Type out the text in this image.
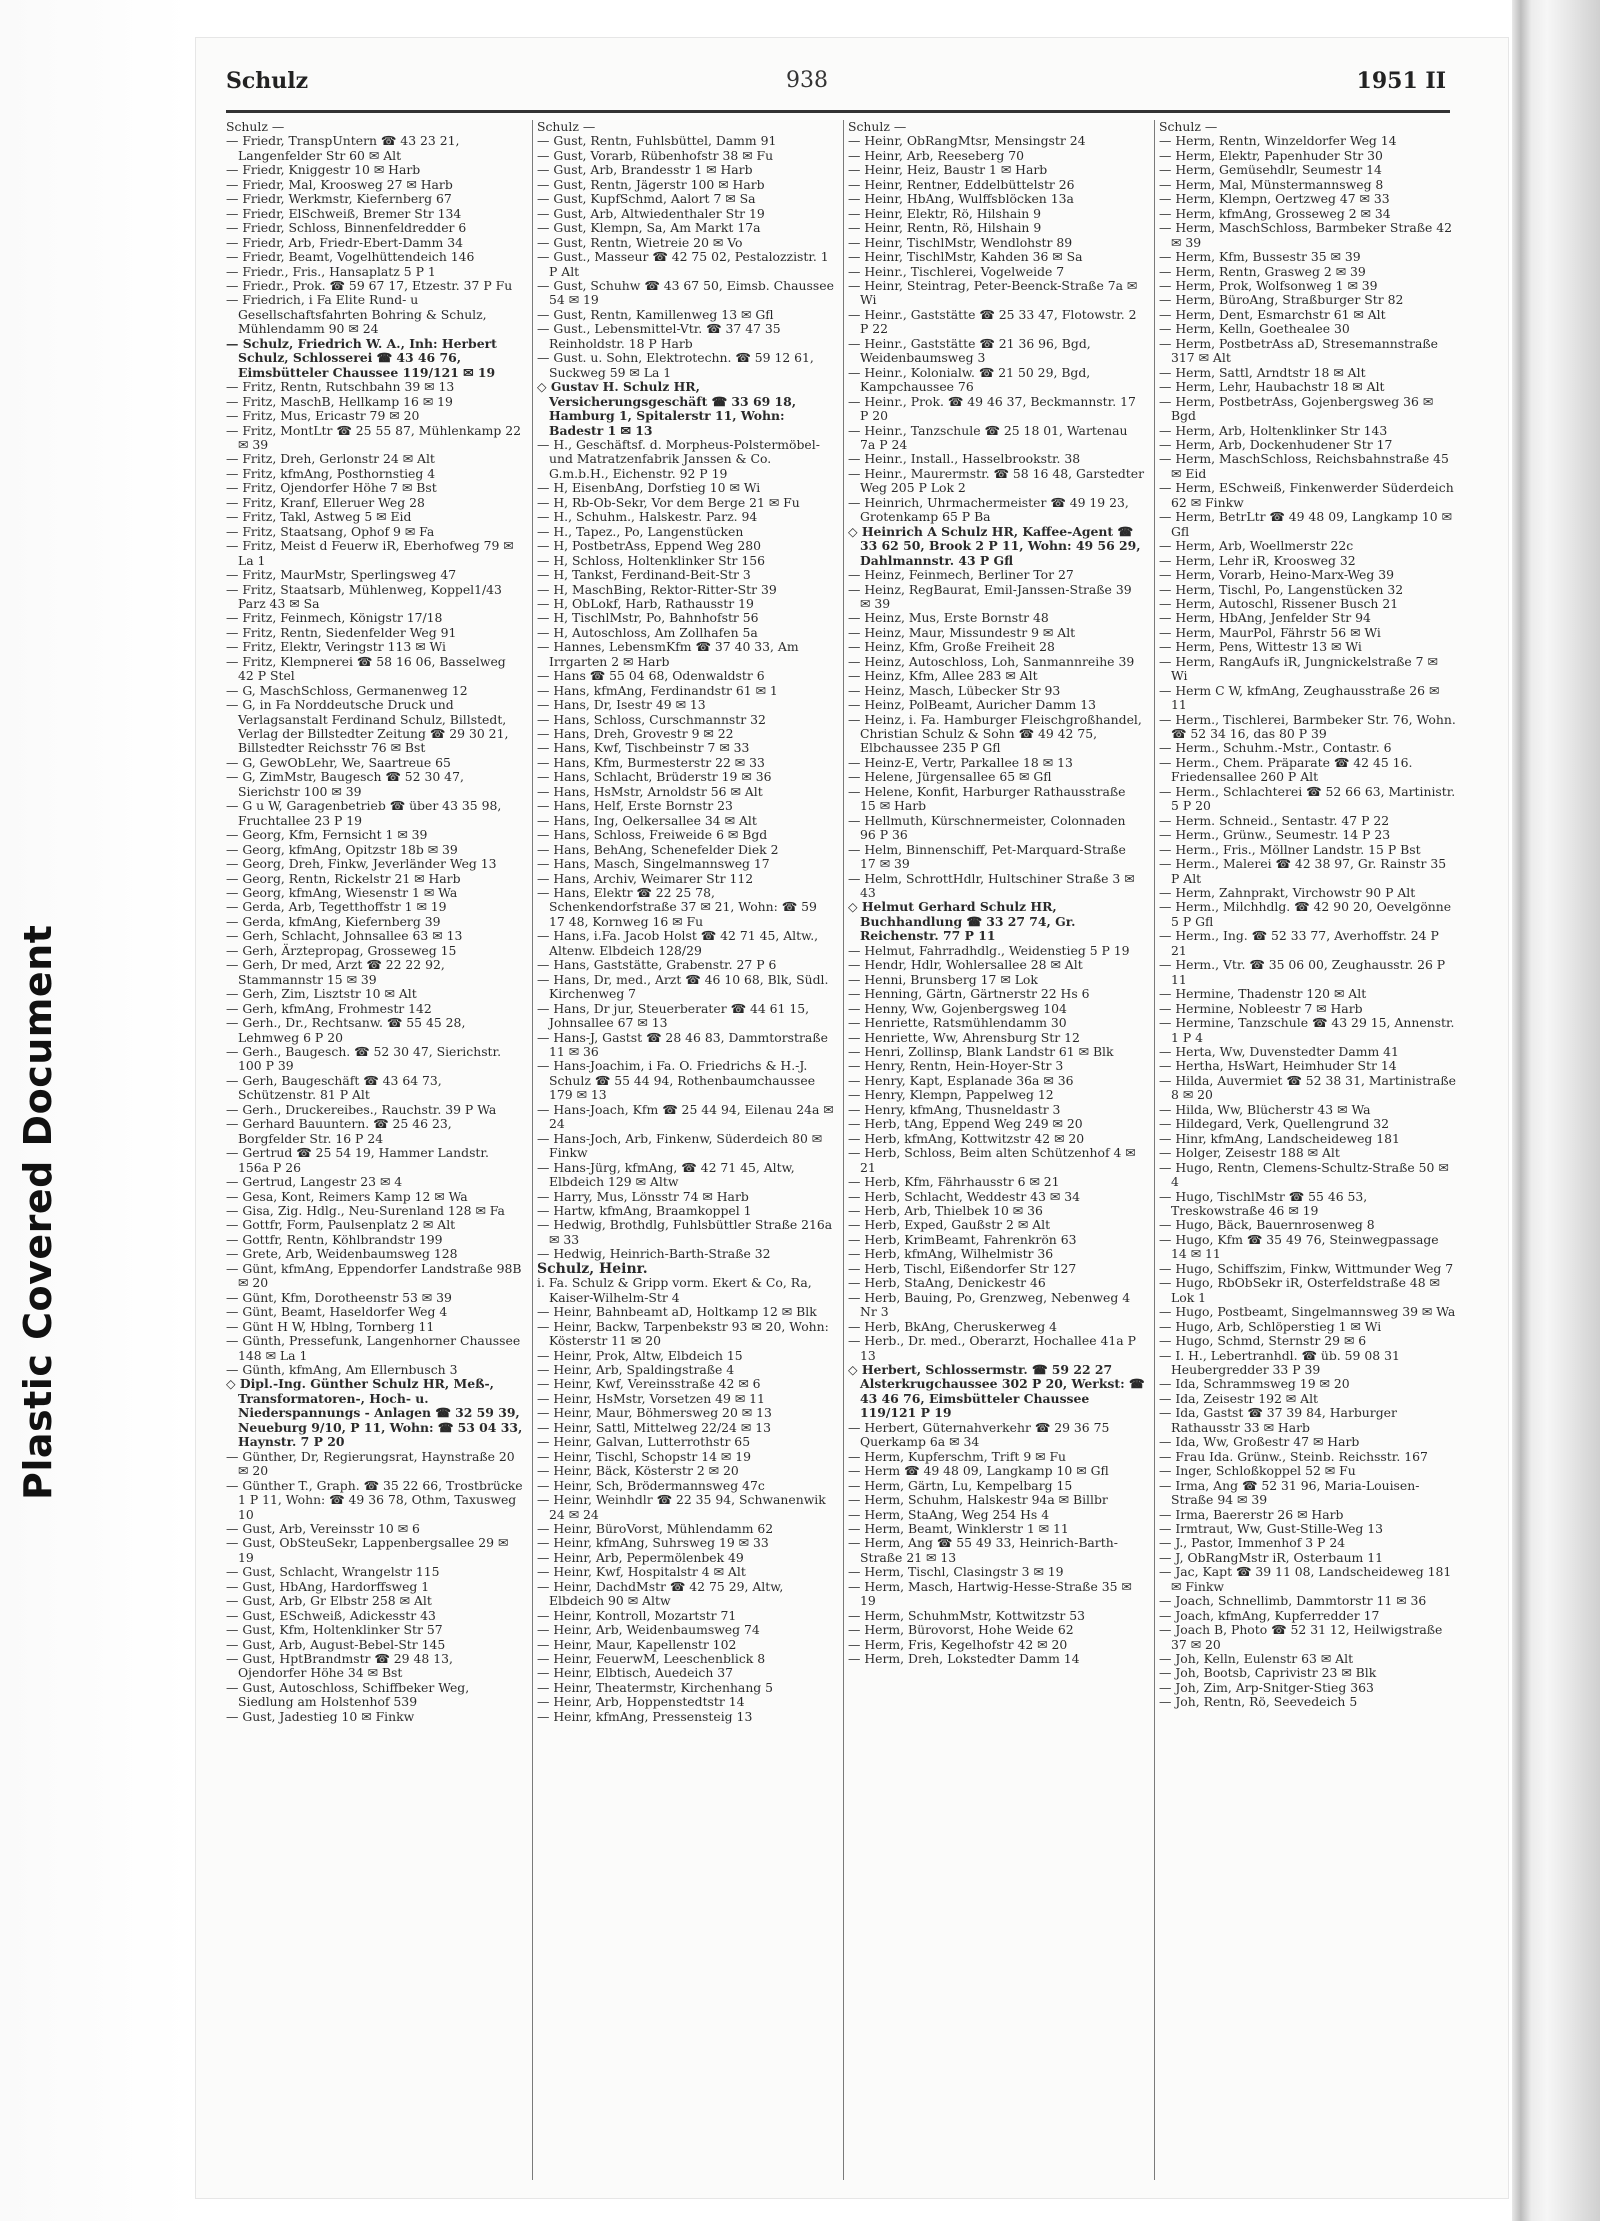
Plastic Covered Document
Schulz	938	1951 II

Schulz —

— Friedr, TranspUntern ☎ 43 23 21, Langenfelder Str 60 ✉ Alt

— Friedr, Kniggestr 10 ✉ Harb

— Friedr, Mal, Kroosweg 27 ✉ Harb

— Friedr, Werkmstr, Kiefernberg 67

— Friedr, ElSchweiß, Bremer Str 134

— Friedr, Schloss, Binnenfeldredder 6

— Friedr, Arb, Friedr-Ebert-Damm 34

— Friedr, Beamt, Vogelhüttendeich 146

— Friedr., Fris., Hansaplatz 5 P 1

— Friedr., Prok. ☎ 59 67 17, Etzestr. 37 P Fu

— Friedrich, i Fa Elite Rund- u Gesellschaftsfahrten Bohring & Schulz, Mühlendamm 90 ✉ 24

— Schulz, Friedrich W. A., Inh: Herbert Schulz, Schlosserei ☎ 43 46 76, Eimsbütteler Chaussee 119/121 ✉ 19

— Fritz, Rentn, Rutschbahn 39 ✉ 13

— Fritz, MaschB, Hellkamp 16 ✉ 19

— Fritz, Mus, Ericastr 79 ✉ 20

— Fritz, MontLtr ☎ 25 55 87, Mühlenkamp 22 ✉ 39

— Fritz, Dreh, Gerlonstr 24 ✉ Alt

— Fritz, kfmAng, Posthornstieg 4

— Fritz, Ojendorfer Höhe 7 ✉ Bst

— Fritz, Kranf, Elleruer Weg 28

— Fritz, Takl, Astweg 5 ✉ Eid

— Fritz, Staatsang, Ophof 9 ✉ Fa

— Fritz, Meist d Feuerw iR, Eberhofweg 79 ✉ La 1

— Fritz, MaurMstr, Sperlingsweg 47

— Fritz, Staatsarb, Mühlenweg, Koppel1/43 Parz 43 ✉ Sa

— Fritz, Feinmech, Königstr 17/18

— Fritz, Rentn, Siedenfelder Weg 91

— Fritz, Elektr, Veringstr 113 ✉ Wi

— Fritz, Klempnerei ☎ 58 16 06, Basselweg 42 P Stel

— G, MaschSchloss, Germanenweg 12

— G, in Fa Norddeutsche Druck und Verlagsanstalt Ferdinand Schulz, Billstedt, Verlag der Billstedter Zeitung ☎ 29 30 21, Billstedter Reichsstr 76 ✉ Bst

— G, GewObLehr, We, Saartreue 65

— G, ZimMstr, Baugesch ☎ 52 30 47, Sierichstr 100 ✉ 39

— G u W, Garagenbetrieb ☎ über 43 35 98, Fruchtallee 23 P 19

— Georg, Kfm, Fernsicht 1 ✉ 39

— Georg, kfmAng, Opitzstr 18b ✉ 39

— Georg, Dreh, Finkw, Jeverländer Weg 13

— Georg, Rentn, Rickelstr 21 ✉ Harb

— Georg, kfmAng, Wiesenstr 1 ✉ Wa

— Gerda, Arb, Tegetthoffstr 1 ✉ 19

— Gerda, kfmAng, Kiefernberg 39

— Gerh, Schlacht, Johnsallee 63 ✉ 13

— Gerh, Ärztepropag, Grosseweg 15

— Gerh, Dr med, Arzt ☎ 22 22 92, Stammannstr 15 ✉ 39

— Gerh, Zim, Lisztstr 10 ✉ Alt

— Gerh, kfmAng, Frohmestr 142

— Gerh., Dr., Rechtsanw. ☎ 55 45 28, Lehmweg 6 P 20

— Gerh., Baugesch. ☎ 52 30 47, Sierichstr. 100 P 39

— Gerh, Baugeschäft ☎ 43 64 73, Schützenstr. 81 P Alt

— Gerh., Druckereibes., Rauchstr. 39 P Wa

— Gerhard Bauuntern. ☎ 25 46 23, Borgfelder Str. 16 P 24

— Gertrud ☎ 25 54 19, Hammer Landstr. 156a P 26

— Gertrud, Langestr 23 ✉ 4

— Gesa, Kont, Reimers Kamp 12 ✉ Wa

— Gisa, Zig. Hdlg., Neu-Surenland 128 ✉ Fa

— Gottfr, Form, Paulsenplatz 2 ✉ Alt

— Gottfr, Rentn, Köhlbrandstr 199

— Grete, Arb, Weidenbaumsweg 128

— Günt, kfmAng, Eppendorfer Landstraße 98B ✉ 20

— Günt, Kfm, Dorotheenstr 53 ✉ 39

— Günt, Beamt, Haseldorfer Weg 4

— Günt H W, Hblng, Tornberg 11

— Günth, Pressefunk, Langenhorner Chaussee 148 ✉ La 1

— Günth, kfmAng, Am Ellernbusch 3

◇ Dipl.-Ing. Günther Schulz HR, Meß-, Transformatoren-, Hoch- u. Niederspannungs - Anlagen ☎ 32 59 39, Neueburg 9/10, P 11, Wohn: ☎ 53 04 33, Haynstr. 7 P 20

— Günther, Dr, Regierungsrat, Haynstraße 20 ✉ 20

— Günther T., Graph. ☎ 35 22 66, Trostbrücke 1 P 11, Wohn: ☎ 49 36 78, Othm, Taxusweg 10

— Gust, Arb, Vereinsstr 10 ✉ 6

— Gust, ObSteuSekr, Lappenbergsallee 29 ✉ 19

— Gust, Schlacht, Wrangelstr 115

— Gust, HbAng, Hardorffsweg 1

— Gust, Arb, Gr Elbstr 258 ✉ Alt

— Gust, ESchweiß, Adickesstr 43

— Gust, Kfm, Holtenklinker Str 57

— Gust, Arb, August-Bebel-Str 145

— Gust, HptBrandmstr ☎ 29 48 13, Ojendorfer Höhe 34 ✉ Bst

— Gust, Autoschloss, Schiffbeker Weg, Siedlung am Holstenhof 539

— Gust, Jadestieg 10 ✉ Finkw

Schulz —

— Gust, Rentn, Fuhlsbüttel, Damm 91

— Gust, Vorarb, Rübenhofstr 38 ✉ Fu

— Gust, Arb, Brandesstr 1 ✉ Harb

— Gust, Rentn, Jägerstr 100 ✉ Harb

— Gust, KupfSchmd, Aalort 7 ✉ Sa

— Gust, Arb, Altwiedenthaler Str 19

— Gust, Klempn, Sa, Am Markt 17a

— Gust, Rentn, Wietreie 20 ✉ Vo

— Gust., Masseur ☎ 42 75 02, Pestalozzistr. 1 P Alt

— Gust, Schuhw ☎ 43 67 50, Eimsb. Chaussee 54 ✉ 19

— Gust, Rentn, Kamillenweg 13 ✉ Gfl

— Gust., Lebensmittel-Vtr. ☎ 37 47 35 Reinholdstr. 18 P Harb

— Gust. u. Sohn, Elektrotechn. ☎ 59 12 61, Suckweg 59 ✉ La 1

◇ Gustav H. Schulz HR, Versicherungsgeschäft ☎ 33 69 18, Hamburg 1, Spitalerstr 11, Wohn: Badestr 1 ✉ 13

— H., Geschäftsf. d. Morpheus-Polstermöbel- und Matratzenfabrik Janssen & Co. G.m.b.H., Eichenstr. 92 P 19

— H, EisenbAng, Dorfstieg 10 ✉ Wi

— H, Rb-Ob-Sekr, Vor dem Berge 21 ✉ Fu

— H., Schuhm., Halskestr. Parz. 94

— H., Tapez., Po, Langenstücken

— H, PostbetrAss, Eppend Weg 280

— H, Schloss, Holtenklinker Str 156

— H, Tankst, Ferdinand-Beit-Str 3

— H, MaschBing, Rektor-Ritter-Str 39

— H, ObLokf, Harb, Rathausstr 19

— H, TischlMstr, Po, Bahnhofstr 56

— H, Autoschloss, Am Zollhafen 5a

— Hannes, LebensmKfm ☎ 37 40 33, Am Irrgarten 2 ✉ Harb

— Hans ☎ 55 04 68, Odenwaldstr 6

— Hans, kfmAng, Ferdinandstr 61 ✉ 1

— Hans, Dr, Isestr 49 ✉ 13

— Hans, Schloss, Curschmannstr 32

— Hans, Dreh, Grovestr 9 ✉ 22

— Hans, Kwf, Tischbeinstr 7 ✉ 33

— Hans, Kfm, Burmesterstr 22 ✉ 33

— Hans, Schlacht, Brüderstr 19 ✉ 36

— Hans, HsMstr, Arnoldstr 56 ✉ Alt

— Hans, Helf, Erste Bornstr 23

— Hans, Ing, Oelkersallee 34 ✉ Alt

— Hans, Schloss, Freiweide 6 ✉ Bgd

— Hans, BehAng, Schenefelder Diek 2

— Hans, Masch, Singelmannsweg 17

— Hans, Archiv, Weimarer Str 112

— Hans, Elektr ☎ 22 25 78, Schenkendorfstraße 37 ✉ 21, Wohn: ☎ 59 17 48, Kornweg 16 ✉ Fu

— Hans, i.Fa. Jacob Holst ☎ 42 71 45, Altw., Altenw. Elbdeich 128/29

— Hans, Gaststätte, Grabenstr. 27 P 6

— Hans, Dr, med., Arzt ☎ 46 10 68, Blk, Südl. Kirchenweg 7

— Hans, Dr jur, Steuerberater ☎ 44 61 15, Johnsallee 67 ✉ 13

— Hans-J, Gastst ☎ 28 46 83, Dammtorstraße 11 ✉ 36

— Hans-Joachim, i Fa. O. Friedrichs & H.-J. Schulz ☎ 55 44 94, Rothenbaumchaussee 179 ✉ 13

— Hans-Joach, Kfm ☎ 25 44 94, Eilenau 24a ✉ 24

— Hans-Joch, Arb, Finkenw, Süderdeich 80 ✉ Finkw

— Hans-Jürg, kfmAng, ☎ 42 71 45, Altw, Elbdeich 129 ✉ Altw

— Harry, Mus, Lönsstr 74 ✉ Harb

— Hartw, kfmAng, Braamkoppel 1

— Hedwig, Brothdlg, Fuhlsbüttler Straße 216a ✉ 33

— Hedwig, Heinrich-Barth-Straße 32

Schulz, Heinr.

i. Fa. Schulz & Gripp vorm. Ekert & Co, Ra, Kaiser-Wilhelm-Str 4

— Heinr, Bahnbeamt aD, Holtkamp 12 ✉ Blk

— Heinr, Backw, Tarpenbekstr 93 ✉ 20, Wohn: Kösterstr 11 ✉ 20

— Heinr, Prok, Altw, Elbdeich 15

— Heinr, Arb, Spaldingstraße 4

— Heinr, Kwf, Vereinsstraße 42 ✉ 6

— Heinr, HsMstr, Vorsetzen 49 ✉ 11

— Heinr, Maur, Böhmersweg 20 ✉ 13

— Heinr, Sattl, Mittelweg 22/24 ✉ 13

— Heinr, Galvan, Lutterrothstr 65

— Heinr, Tischl, Schopstr 14 ✉ 19

— Heinr, Bäck, Kösterstr 2 ✉ 20

— Heinr, Sch, Brödermannsweg 47c

— Heinr, Weinhdlr ☎ 22 35 94, Schwanenwik 24 ✉ 24

— Heinr, BüroVorst, Mühlendamm 62

— Heinr, kfmAng, Suhrsweg 19 ✉ 33

— Heinr, Arb, Pepermölenbek 49

— Heinr, Kwf, Hospitalstr 4 ✉ Alt

— Heinr, DachdMstr ☎ 42 75 29, Altw, Elbdeich 90 ✉ Altw

— Heinr, Kontroll, Mozartstr 71

— Heinr, Arb, Weidenbaumsweg 74

— Heinr, Maur, Kapellenstr 102

— Heinr, FeuerwM, Leeschenblick 8

— Heinr, Elbtisch, Auedeich 37

— Heinr, Theatermstr, Kirchenhang 5

— Heinr, Arb, Hoppenstedtstr 14

— Heinr, kfmAng, Pressensteig 13

Schulz —

— Heinr, ObRangMtsr, Mensingstr 24

— Heinr, Arb, Reeseberg 70

— Heinr, Heiz, Baustr 1 ✉ Harb

— Heinr, Rentner, Eddelbüttelstr 26

— Heinr, HbAng, Wulffsblöcken 13a

— Heinr, Elektr, Rö, Hilshain 9

— Heinr, Rentn, Rö, Hilshain 9

— Heinr, TischlMstr, Wendlohstr 89

— Heinr, TischlMstr, Kahden 36 ✉ Sa

— Heinr., Tischlerei, Vogelweide 7

— Heinr, Steintrag, Peter-Beenck-Straße 7a ✉ Wi

— Heinr., Gaststätte ☎ 25 33 47, Flotowstr. 2 P 22

— Heinr., Gaststätte ☎ 21 36 96, Bgd, Weidenbaumsweg 3

— Heinr., Kolonialw. ☎ 21 50 29, Bgd, Kampchaussee 76

— Heinr., Prok. ☎ 49 46 37, Beckmannstr. 17 P 20

— Heinr., Tanzschule ☎ 25 18 01, Wartenau 7a P 24

— Heinr., Install., Hasselbrookstr. 38

— Heinr., Maurermstr. ☎ 58 16 48, Garstedter Weg 205 P Lok 2

— Heinrich, Uhrmachermeister ☎ 49 19 23, Grotenkamp 65 P Ba

◇ Heinrich A Schulz HR, Kaffee-Agent ☎ 33 62 50, Brook 2 P 11, Wohn: 49 56 29, Dahlmannstr. 43 P Gfl

— Heinz, Feinmech, Berliner Tor 27

— Heinz, RegBaurat, Emil-Janssen-Straße 39 ✉ 39

— Heinz, Mus, Erste Bornstr 48

— Heinz, Maur, Missundestr 9 ✉ Alt

— Heinz, Kfm, Große Freiheit 28

— Heinz, Autoschloss, Loh, Sanmannreihe 39

— Heinz, Kfm, Allee 283 ✉ Alt

— Heinz, Masch, Lübecker Str 93

— Heinz, PolBeamt, Auricher Damm 13

— Heinz, i. Fa. Hamburger Fleischgroßhandel, Christian Schulz & Sohn ☎ 49 42 75, Elbchaussee 235 P Gfl

— Heinz-E, Vertr, Parkallee 18 ✉ 13

— Helene, Jürgensallee 65 ✉ Gfl

— Helene, Konfit, Harburger Rathausstraße 15 ✉ Harb

— Hellmuth, Kürschnermeister, Colonnaden 96 P 36

— Helm, Binnenschiff, Pet-Marquard-Straße 17 ✉ 39

— Helm, SchrottHdlr, Hultschiner Straße 3 ✉ 43

◇ Helmut Gerhard Schulz HR, Buchhandlung ☎ 33 27 74, Gr. Reichenstr. 77 P 11

— Helmut, Fahrradhdlg., Weidenstieg 5 P 19

— Hendr, Hdlr, Wohlersallee 28 ✉ Alt

— Henni, Brunsberg 17 ✉ Lok

— Henning, Gärtn, Gärtnerstr 22 Hs 6

— Henny, Ww, Gojenbergsweg 104

— Henriette, Ratsmühlendamm 30

— Henriette, Ww, Ahrensburg Str 12

— Henri, Zollinsp, Blank Landstr 61 ✉ Blk

— Henry, Rentn, Hein-Hoyer-Str 3

— Henry, Kapt, Esplanade 36a ✉ 36

— Henry, Klempn, Pappelweg 12

— Henry, kfmAng, Thusneldastr 3

— Herb, tAng, Eppend Weg 249 ✉ 20

— Herb, kfmAng, Kottwitzstr 42 ✉ 20

— Herb, Schloss, Beim alten Schützenhof 4 ✉ 21

— Herb, Kfm, Fährhausstr 6 ✉ 21

— Herb, Schlacht, Weddestr 43 ✉ 34

— Herb, Arb, Thielbek 10 ✉ 36

— Herb, Exped, Gaußstr 2 ✉ Alt

— Herb, KrimBeamt, Fahrenkrön 63

— Herb, kfmAng, Wilhelmistr 36

— Herb, Tischl, Eißendorfer Str 127

— Herb, StaAng, Denickestr 46

— Herb, Bauing, Po, Grenzweg, Nebenweg 4 Nr 3

— Herb, BkAng, Cheruskerweg 4

— Herb., Dr. med., Oberarzt, Hochallee 41a P 13

◇ Herbert, Schlossermstr. ☎ 59 22 27 Alsterkrugchaussee 302 P 20, Werkst: ☎ 43 46 76, Eimsbütteler Chaussee 119/121 P 19

— Herbert, Güternahverkehr ☎ 29 36 75 Querkamp 6a ✉ 34

— Herm, Kupferschm, Trift 9 ✉ Fu

— Herm ☎ 49 48 09, Langkamp 10 ✉ Gfl

— Herm, Gärtn, Lu, Kempelbarg 15

— Herm, Schuhm, Halskestr 94a ✉ Billbr

— Herm, StaAng, Weg 254 Hs 4

— Herm, Beamt, Winklerstr 1 ✉ 11

— Herm, Ang ☎ 55 49 33, Heinrich-Barth-Straße 21 ✉ 13

— Herm, Tischl, Clasingstr 3 ✉ 19

— Herm, Masch, Hartwig-Hesse-Straße 35 ✉ 19

— Herm, SchuhmMstr, Kottwitzstr 53

— Herm, Bürovorst, Hohe Weide 62

— Herm, Fris, Kegelhofstr 42 ✉ 20

— Herm, Dreh, Lokstedter Damm 14

Schulz —

— Herm, Rentn, Winzeldorfer Weg 14

— Herm, Elektr, Papenhuder Str 30

— Herm, Gemüsehdlr, Seumestr 14

— Herm, Mal, Münstermannsweg 8

— Herm, Klempn, Oertzweg 47 ✉ 33

— Herm, kfmAng, Grosseweg 2 ✉ 34

— Herm, MaschSchloss, Barmbeker Straße 42 ✉ 39

— Herm, Kfm, Bussestr 35 ✉ 39

— Herm, Rentn, Grasweg 2 ✉ 39

— Herm, Prok, Wolfsonweg 1 ✉ 39

— Herm, BüroAng, Straßburger Str 82

— Herm, Dent, Esmarchstr 61 ✉ Alt

— Herm, Kelln, Goethealee 30

— Herm, PostbetrAss aD, Stresemannstraße 317 ✉ Alt

— Herm, Sattl, Arndtstr 18 ✉ Alt

— Herm, Lehr, Haubachstr 18 ✉ Alt

— Herm, PostbetrAss, Gojenbergsweg 36 ✉ Bgd

— Herm, Arb, Holtenklinker Str 143

— Herm, Arb, Dockenhudener Str 17

— Herm, MaschSchloss, Reichsbahnstraße 45 ✉ Eid

— Herm, ESchweiß, Finkenwerder Süderdeich 62 ✉ Finkw

— Herm, BetrLtr ☎ 49 48 09, Langkamp 10 ✉ Gfl

— Herm, Arb, Woellmerstr 22c

— Herm, Lehr iR, Kroosweg 32

— Herm, Vorarb, Heino-Marx-Weg 39

— Herm, Tischl, Po, Langenstücken 32

— Herm, Autoschl, Rissener Busch 21

— Herm, HbAng, Jenfelder Str 94

— Herm, MaurPol, Fährstr 56 ✉ Wi

— Herm, Pens, Wittestr 13 ✉ Wi

— Herm, RangAufs iR, Jungnickelstraße 7 ✉ Wi

— Herm C W, kfmAng, Zeughausstraße 26 ✉ 11

— Herm., Tischlerei, Barmbeker Str. 76, Wohn. ☎ 52 34 16, das 80 P 39

— Herm., Schuhm.-Mstr., Contastr. 6

— Herm., Chem. Präparate ☎ 42 45 16. Friedensallee 260 P Alt

— Herm., Schlachterei ☎ 52 66 63, Martinistr. 5 P 20

— Herm. Schneid., Sentastr. 47 P 22

— Herm., Grünw., Seumestr. 14 P 23

— Herm., Fris., Möllner Landstr. 15 P Bst

— Herm., Malerei ☎ 42 38 97, Gr. Rainstr 35 P Alt

— Herm, Zahnprakt, Virchowstr 90 P Alt

— Herm., Milchhdlg. ☎ 42 90 20, Oevelgönne 5 P Gfl

— Herm., Ing. ☎ 52 33 77, Averhoffstr. 24 P 21

— Herm., Vtr. ☎ 35 06 00, Zeughausstr. 26 P 11

— Hermine, Thadenstr 120 ✉ Alt

— Hermine, Nobleestr 7 ✉ Harb

— Hermine, Tanzschule ☎ 43 29 15, Annenstr. 1 P 4

— Herta, Ww, Duvenstedter Damm 41

— Hertha, HsWart, Heimhuder Str 14

— Hilda, Auvermiet ☎ 52 38 31, Martinistraße 8 ✉ 20

— Hilda, Ww, Blücherstr 43 ✉ Wa

— Hildegard, Verk, Quellengrund 32

— Hinr, kfmAng, Landscheideweg 181

— Holger, Zeisestr 188 ✉ Alt

— Hugo, Rentn, Clemens-Schultz-Straße 50 ✉ 4

— Hugo, TischlMstr ☎ 55 46 53, Treskowstraße 46 ✉ 19

— Hugo, Bäck, Bauernrosenweg 8

— Hugo, Kfm ☎ 35 49 76, Steinwegpassage 14 ✉ 11

— Hugo, Schiffszim, Finkw, Wittmunder Weg 7

— Hugo, RbObSekr iR, Osterfeldstraße 48 ✉ Lok 1

— Hugo, Postbeamt, Singelmannsweg 39 ✉ Wa

— Hugo, Arb, Schlöperstieg 1 ✉ Wi

— Hugo, Schmd, Sternstr 29 ✉ 6

— I. H., Lebertranhdl. ☎ üb. 59 08 31 Heubergredder 33 P 39

— Ida, Schrammsweg 19 ✉ 20

— Ida, Zeisestr 192 ✉ Alt

— Ida, Gastst ☎ 37 39 84, Harburger Rathausstr 33 ✉ Harb

— Ida, Ww, Großestr 47 ✉ Harb

— Frau Ida. Grünw., Steinb. Reichsstr. 167

— Inger, Schloßkoppel 52 ✉ Fu

— Irma, Ang ☎ 52 31 96, Maria-Louisen-Straße 94 ✉ 39

— Irma, Baererstr 26 ✉ Harb

— Irmtraut, Ww, Gust-Stille-Weg 13

— J., Pastor, Immenhof 3 P 24

— J, ObRangMstr iR, Osterbaum 11

— Jac, Kapt ☎ 39 11 08, Landscheideweg 181 ✉ Finkw

— Joach, Schnellimb, Dammtorstr 11 ✉ 36

— Joach, kfmAng, Kupferredder 17

— Joach B, Photo ☎ 52 31 12, Heilwigstraße 37 ✉ 20

— Joh, Kelln, Eulenstr 63 ✉ Alt

— Joh, Bootsb, Caprivistr 23 ✉ Blk

— Joh, Zim, Arp-Snitger-Stieg 363

— Joh, Rentn, Rö, Seevedeich 5
